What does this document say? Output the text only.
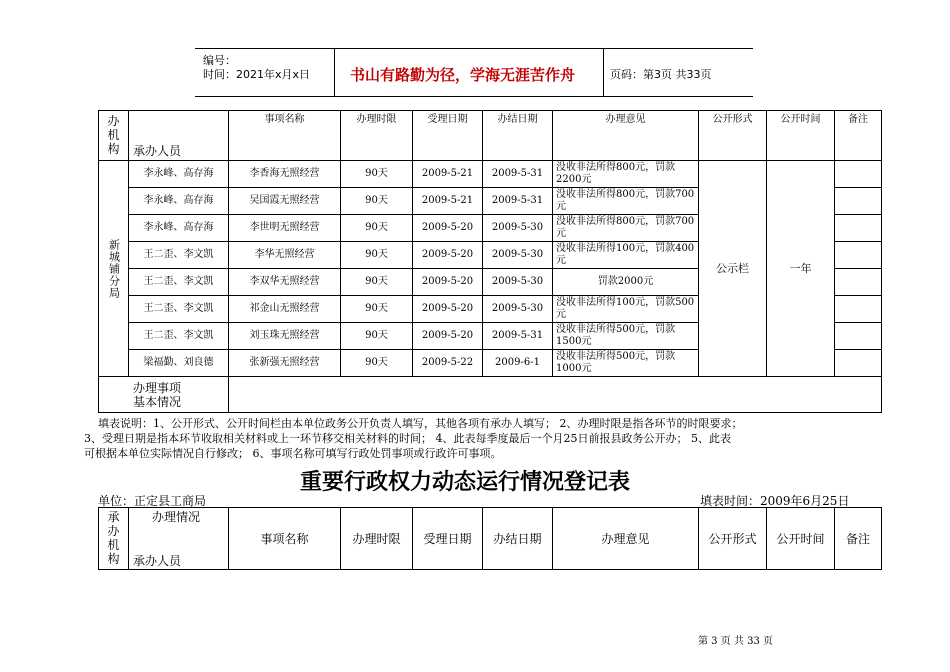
编号：
时间：2021年x月x日	书山有路勤为径，学海无涯苦作舟	页码：第3页 共33页
办机构	承办人员	事项名称	办理时限	受理日期	办结日期	办理意见	公开形式	公开时间	备注

新城铺分局	李永峰、高存海	李香海无照经营	90天	2009-5-21	2009-5-31	没收非法所得800元，罚款2200元	公示栏	一年	
	李永峰、高存海	吴国霞无照经营	90天	2009-5-21	2009-5-31	没收非法所得800元，罚款700元			
	李永峰、高存海	李世明无照经营	90天	2009-5-20	2009-5-30	没收非法所得800元，罚款700元			
	王二歪、李文凯	李华无照经营	90天	2009-5-20	2009-5-30	没收非法所得100元，罚款400元			
	王二歪、李文凯	李双华无照经营	90天	2009-5-20	2009-5-30	罚款2000元			
	王二歪、李文凯	祁金山无照经营	90天	2009-5-20	2009-5-30	没收非法所得100元，罚款500元			
	王二歪、李文凯	刘玉珠无照经营	90天	2009-5-20	2009-5-31	没收非法所得500元，罚款1500元			
	梁福勤、刘良德	张新强无照经营	90天	2009-5-22	2009-6-1	没收非法所得500元，罚款1000元			

办理事项
基本情况									

填表说明：1、公开形式、公开时间栏由本单位政务公开负责人填写，其他各项有承办人填写； 2、办理时限是指各环节的时限要求；
3、受理日期是指本环节收取相关材料或上一环节移交相关材料的时间； 4、此表每季度最后一个月25日前报县政务公开办； 5、此表
可根据本单位实际情况自行修改； 6、事项名称可填写行政处罚事项或行政许可事项。
重要行政权力动态运行情况登记表
单位：正定县工商局	填表时间：2009年6月25日
承办机构

办理情况
承办人员
	事项名称	办理时限	受理日期	办结日期	办理意见	公开形式	公开时间	备注
第 3 页 共 33 页
